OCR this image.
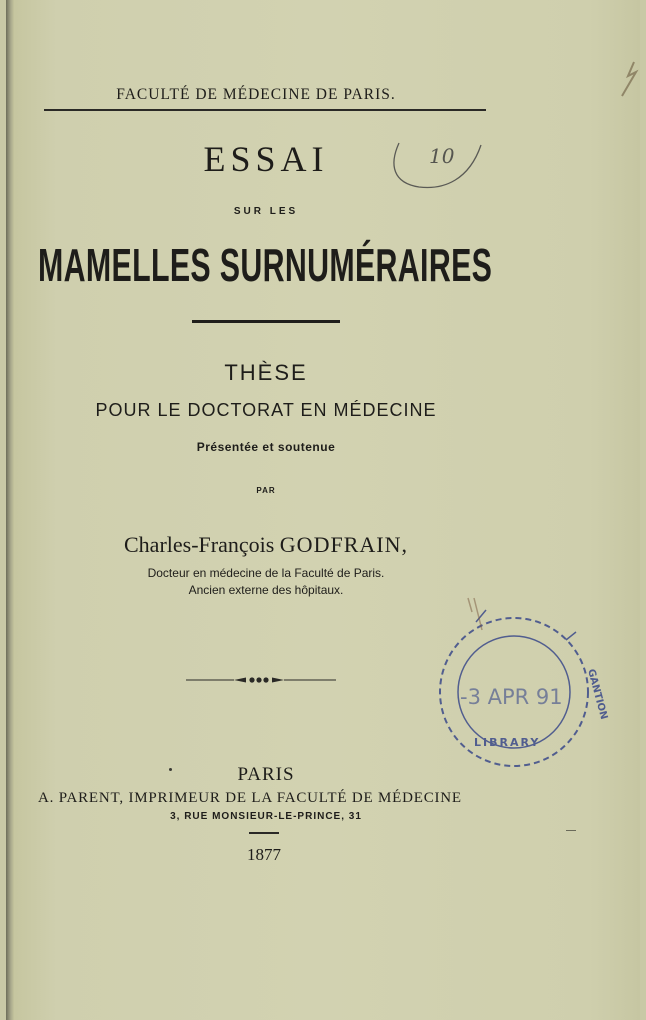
FACULTÉ DE MÉDECINE DE PARIS.
ESSAI	10
SUR LES
MAMELLES SURNUMÉRAIRES
THÈSE
POUR LE DOCTORAT EN MÉDECINE
Présentée et soutenue
PAR
Charles-François GODFRAIN,
Docteur en médecine de la Faculté de Paris.
Ancien externe des hôpitaux.
-3 APR 91 GANTION
LIBRARY
PARIS
A. PARENT, IMPRIMEUR DE LA FACULTÉ DE MÉDECINE
3, RUE MONSIEUR-LE-PRINCE, 31
1877
